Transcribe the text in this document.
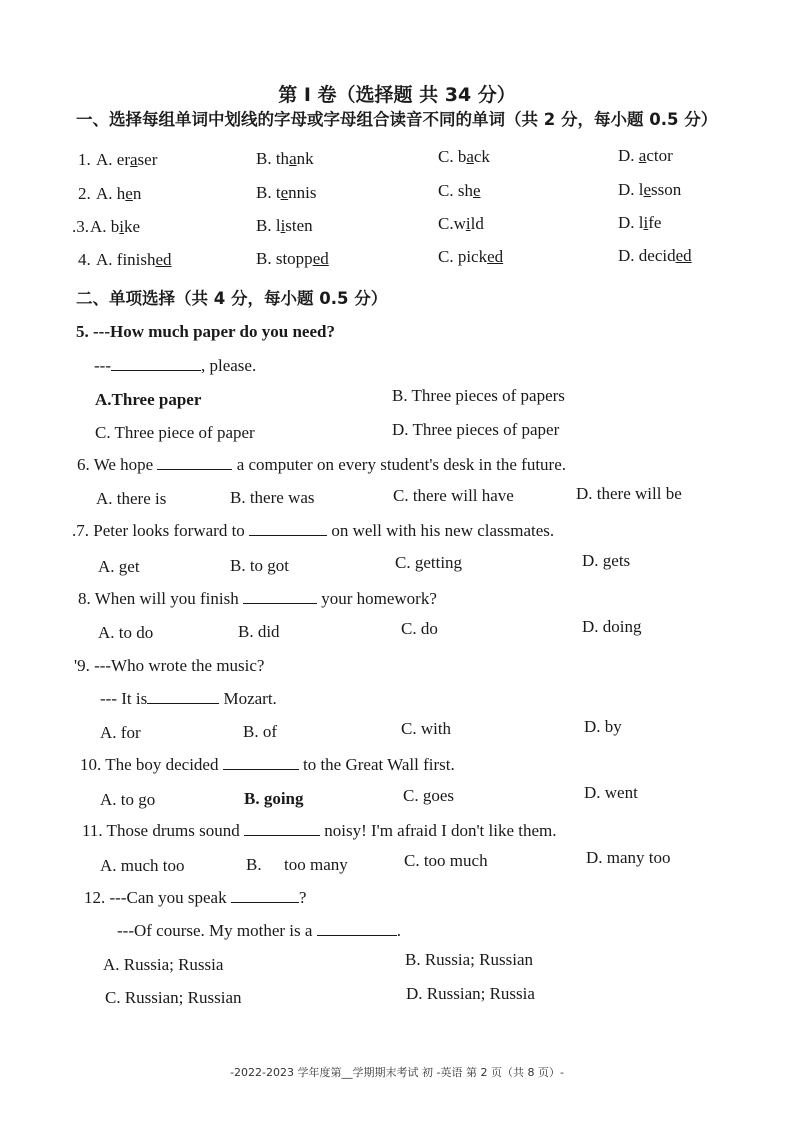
第 I 卷（选择题 共 34 分）
一、选择每组单词中划线的字母或字母组合读音不同的单词（共 2 分，每小题 0.5 分）
1. A. eraser	B. thank	C. back	D. actor
2. A. hen	B. tennis	C. she	D. lesson
.3. A. bike	B. listen	C.wild	D. life
4. A. finished	B. stopped	C. picked	D. decided
二、单项选择（共 4 分，每小题 0.5 分）
5. ---How much paper do you need?
---	, please.
A.Three paper	B. Three pieces of papers
C. Three piece of paper	D. Three pieces of paper
6. We hope	a computer on every student's desk in the future.
A. there is	B. there was	C. there will have	D. there will be
.7. Peter looks forward to	on well with his new classmates.
A. get	B. to got	C. getting	D. gets
8. When will you finish	your homework?
A. to do	B. did	C. do	D. doing
'9. ---Who wrote the music?
--- It is	Mozart.
A. for	B. of	C. with	D. by
10. The boy decided	to the Great Wall first.
A. to go	B. going	C. goes	D. went
11. Those drums sound	noisy! I'm afraid I don't like them.
A. much too	B. too many	C. too much	D. many too
12. ---Can you speak	?
---Of course. My mother is a	.
A. Russia; Russia	B. Russia; Russian
C. Russian; Russian	D. Russian; Russia
-2022-2023 学年度第__学期期末考试 初 -英语 第 2 页（共 8 页）-
